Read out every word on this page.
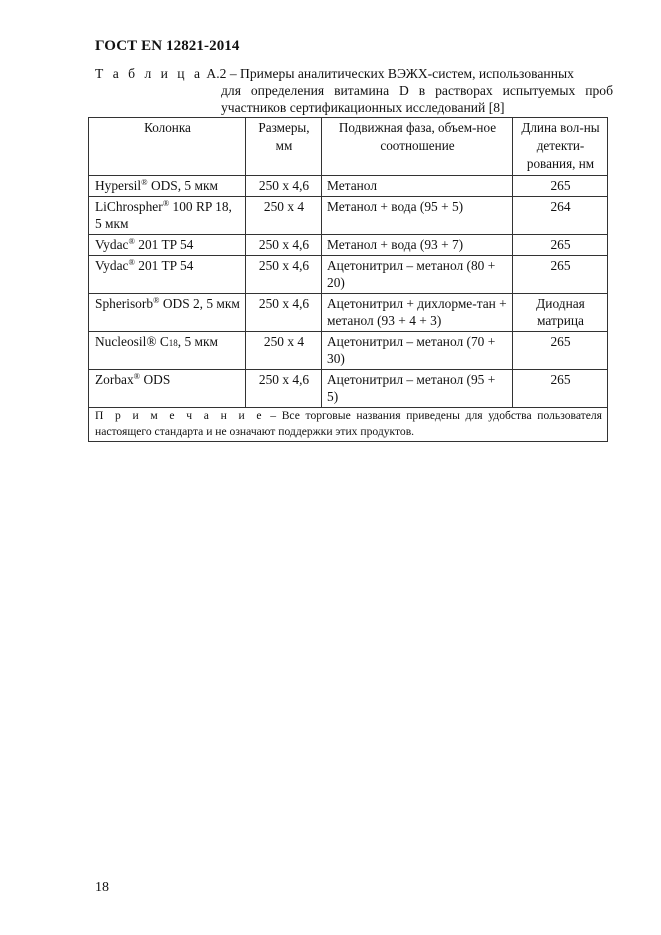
ГОСТ EN 12821-2014
Т а б л и ц а А.2 – Примеры аналитических ВЭЖХ-систем, использованных
для определения витамина D в растворах испытуемых проб участников сертификационных исследований [8]
Колонка	Размеры, мм	Подвижная фаза, объем-ное соотношение	Длина вол-ны детекти-рования, нм
Hypersil® ODS, 5 мкм	250 x 4,6	Метанол	265
LiChrospher® 100 RP 18, 5 мкм	250 x 4	Метанол + вода (95 + 5)	264
Vydac® 201 TP 54	250 x 4,6	Метанол + вода (93 + 7)	265
Vydac® 201 TP 54	250 x 4,6	Ацетонитрил – метанол (80 + 20)	265
Spherisorb® ODS 2, 5 мкм	250 x 4,6	Ацетонитрил + дихлорме-тан + метанол (93 + 4 + 3)	Диодная матрица
Nucleosil® C18, 5 мкм	250 x 4	Ацетонитрил – метанол (70 + 30)	265
Zorbax® ODS	250 x 4,6	Ацетонитрил – метанол (95 + 5)	265
П р и м е ч а н и е – Все торговые названия приведены для удобства пользователя настоящего стандарта и не означают поддержки этих продуктов.			
18
